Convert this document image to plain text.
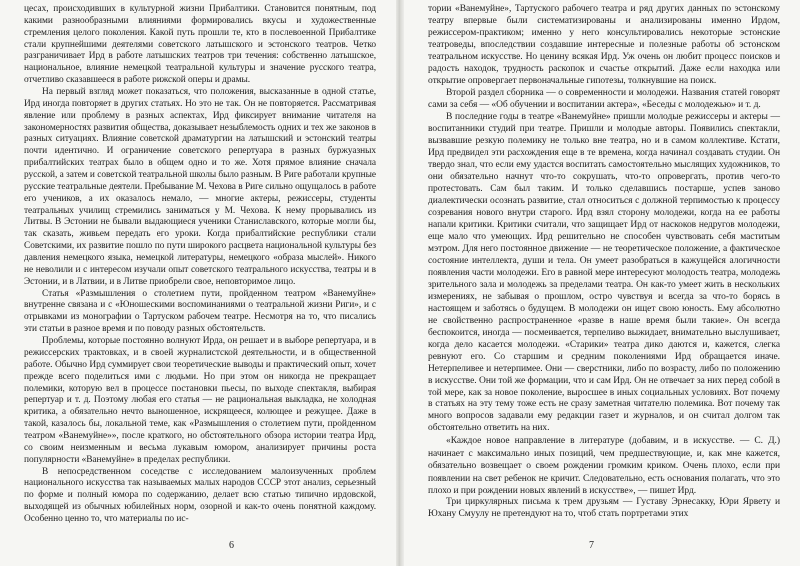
цесах, происходивших в культурной жизни Прибалтики. Становится понятным, под какими разнообразными влияниями формировались вкусы и художественные стремления целого поколения. Какой путь прошли те, кто в послевоенной Прибалтике стали крупнейшими деятелями советского латышского и эстонского театров. Четко разграничивает Ирд в работе латышских театров три течения: собственно латышское, национальное, влияние немецкой театральной культуры и значение русского театра, отчетливо сказавшееся в работе рижской оперы и драмы.

На первый взгляд может показаться, что положения, высказанные в одной статье, Ирд иногда повторяет в других статьях. Но это не так. Он не повторяется. Рассматривая явление или проблему в разных аспектах, Ирд фиксирует внимание читателя на закономерностях развития общества, доказывает незыблемость одних и тех же законов в разных ситуациях. Влияние советской драматургии на латышский и эстонский театры почти идентично. И ограничение советского репертуара в разных буржуазных прибалтийских театрах было в общем одно и то же. Хотя прямое влияние сначала русской, а затем и советской театральной школы было разным. В Риге работали крупные русские театральные деятели. Пребывание М. Чехова в Риге сильно ощущалось в работе его учеников, а их оказалось немало, — многие актеры, режиссеры, студенты театральных училищ стремились заниматься у М. Чехова. К нему прорывались из Литвы. В Эстонии не бывали выдающиеся ученики Станиславского, которые могли бы, так сказать, живьем передать его уроки. Когда прибалтийские республики стали Советскими, их развитие пошло по пути широкого расцвета национальной культуры без давления немецкого языка, немецкой литературы, немецкого «образа мыслей». Никого не неволили и с интересом изучали опыт советского театрального искусства, театры и в Эстонии, и в Латвии, и в Литве приобрели свое, неповторимое лицо.

Статья «Размышления о столетием пути, пройденном театром «Ванемуйне» внутренне связана и с «Юношескими воспоминаниями о театральной жизни Риги», и с отрывками из монографии о Тартуском рабочем театре. Несмотря на то, что писались эти статьи в разное время и по поводу разных обстоятельств.

Проблемы, которые постоянно волнуют Ирда, он решает и в выборе репертуара, и в режиссерских трактовках, и в своей журналистской деятельности, и в общественной работе. Обычно Ирд суммирует свои теоретические выводы и практический опыт, хочет прежде всего поделиться ими с людьми. Но при этом он никогда не прекращает полемики, которую вел в процессе постановки пьесы, по выходе спектакля, выбирая репертуар и т. д. Поэтому любая его статья — не рациональная выкладка, не холодная критика, а обязательно нечто выношенное, искрящееся, колющее и режущее. Даже в такой, казалось бы, локальной теме, как «Размышления о столетием пути, пройденном театром «Ванемуйне»», после краткого, но обстоятельного обзора истории театра Ирд, со своим неизменным и весьма лукавым юмором, анализирует причины роста популярности «Ванемуйне» в пределах республики.

В непосредственном соседстве с исследованием малоизученных проблем национального искусства так называемых малых народов СССР этот анализ, серьезный по форме и полный юмора по содержанию, делает всю статью типично ирдовской, выходящей из обычных юбилейных норм, озорной и как-то очень понятной каждому. Особенно ценно то, что материалы по ис-

6

тории «Ванемуйне», Тартуского рабочего театра и ряд других данных по эстонскому театру впервые были систематизированы и анализированы именно Ирдом, режиссером-практиком; именно у него консультировались некоторые эстонские театроведы, впоследствии создавшие интересные и полезные работы об эстонском театральном искусстве. Но ценину всякая Ирд. Уж очень он любит процесс поисков и радость находок, трудность раскопок и счастье открытий. Даже если находка или открытие опровергает первоначальные гипотезы, толкнувшие на поиск.

Второй раздел сборника — о современности и молодежи. Названия статей говорят сами за себя — «Об обучении и воспитании актера», «Беседы с молодежью» и т. д.

В последние годы в театре «Ванемуйне» пришли молодые режиссеры и актеры — воспитанники студий при театре. Пришли и молодые авторы. Появились спектакли, вызвавшие резкую полемику не только вне театра, но и в самом коллективе. Кстати, Ирд предвидел эти расхождения еще в те времена, когда начинал создавать студии. Он твердо знал, что если ему удастся воспитать самостоятельно мыслящих художников, то они обязательно начнут что-то сокрушать, что-то опровергать, против чего-то протестовать. Сам был таким. И только сделавшись постарше, успев заново диалектически осознать развитие, стал относиться с должной терпимостью к процессу созревания нового внутри старого. Ирд взял сторону молодежи, когда на ее работы напали критики. Критики считали, что защищает Ирд от наскоков недругов молодежи, еще мало что умеющих. Ирд решительно не способен чувствовать себя маститым мэтром. Для него постоянное движение — не теоретическое положение, а фактическое состояние интеллекта, души и тела. Он умеет разобраться в кажущейся алогичности появления части молодежи. Его в равной мере интересуют молодость театра, молодежь зрительного зала и молодежь за пределами театра. Он как-то умеет жить в нескольких измерениях, не забывая о прошлом, остро чувствуя и всегда за что-то борясь в настоящем и заботясь о будущем. В молодежи он ищет свою юность. Ему абсолютно не свойственно распространенное «разве в наше время были такие». Он всегда беспокоится, иногда — посмеивается, терпеливо выжидает, внимательно выслушивает, когда дело касается молодежи. «Старики» театра дико даются и, кажется, слегка ревнуют его. Со старшим и средним поколениями Ирд обращается иначе. Нетерпеливее и нетерпимее. Они — сверстники, либо по возрасту, либо по положению в искусстве. Они той же формации, что и сам Ирд. Он не отвечает за них перед собой в той мере, как за новое поколение, выросшее в иных социальных условиях. Вот почему в статьях на эту тему тоже есть не сразу заметная читателю полемика. Вот почему так много вопросов задавали ему редакции газет и журналов, и он считал долгом так обстоятельно ответить на них.

«Каждое новое направление в литературе (добавим, и в искусстве. — С. Д.) начинает с максимально иных позиций, чем предшествующие, и, как мне кажется, обязательно возвещает о своем рождении громким криком. Очень плохо, если при появлении на свет ребенок не кричит. Следовательно, есть основания полагать, что это плохо и при рождении новых явлений в искусстве», — пишет Ирд.

Три циркулярных письма к трем друзьям — Густаву Эрнесакку, Юри Ярвету и Юхану Смуулу не претендуют на то, чтоб стать портретами этих

7
